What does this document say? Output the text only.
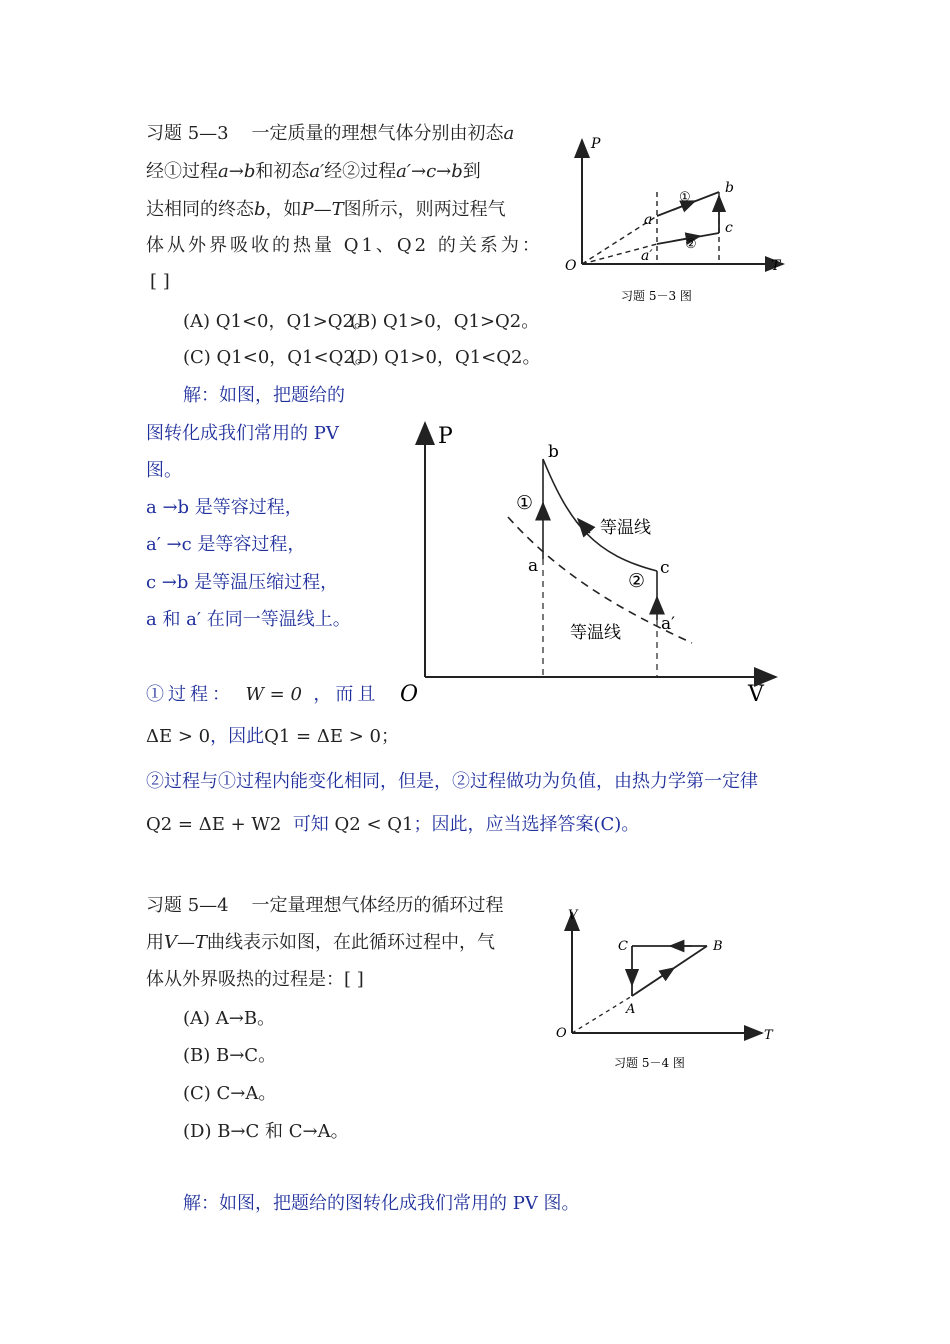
习题 5—3 一定质量的理想气体分别由初态a
经①过程a→b和初态a′经②过程a′→c→b到
达相同的终态b，如P—T图所示，则两过程气
体从外界吸收的热量 Q1、Q2 的关系为：
[ ]
(A) Q1<0，Q1>Q2。
(B) Q1>0，Q1>Q2。
(C) Q1<0，Q1<Q2。
(D) Q1>0，Q1<Q2。
P
T
O
a
a′
b
c
①
②
习题 5－3 图
解：如图，把题给的
图转化成我们常用的 PV
图。
a →b 是等容过程，
a′ →c 是等容过程，
c →b 是等温压缩过程，
a 和 a′ 在同一等温线上。
①过程： W = 0 ，而且
ΔE > 0，因此Q1 = ΔE > 0；
②过程与①过程内能变化相同，但是，②过程做功为负值，由热力学第一定律
Q2 = ΔE + W2 可知 Q2 < Q1；因此，应当选择答案(C)。
P
V
O
b
a	c
a′
①
②
等温线
等温线
习题 5—4 一定量理想气体经历的循环过程
用V—T曲线表示如图，在此循环过程中，气
体从外界吸热的过程是：[ ]
(A) A→B。
(B) B→C。
(C) C→A。
(D) B→C 和 C→A。
V
T
O
A
B
C
习题 5－4 图
解：如图，把题给的图转化成我们常用的 PV 图。
